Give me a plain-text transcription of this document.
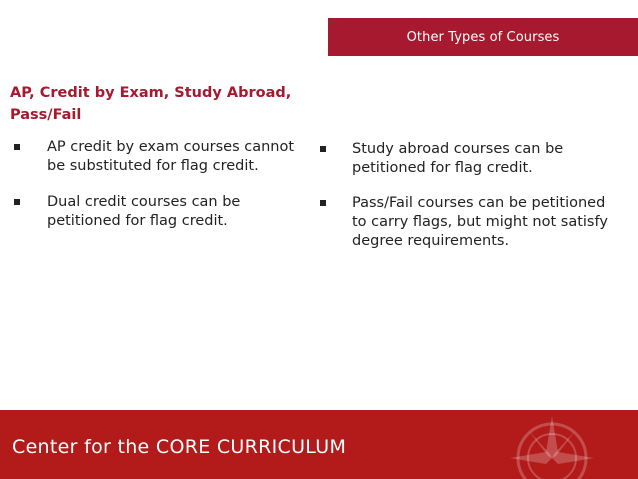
Other Types of Courses
AP, Credit by Exam, Study Abroad,
Pass/Fail
AP credit by exam courses cannot be substituted for flag credit.
Dual credit courses can be petitioned for flag credit.
Study abroad courses can be petitioned for flag credit.
Pass/Fail courses can be petitioned to carry flags, but might not satisfy degree requirements.
Center for the CORE CURRICULUM
